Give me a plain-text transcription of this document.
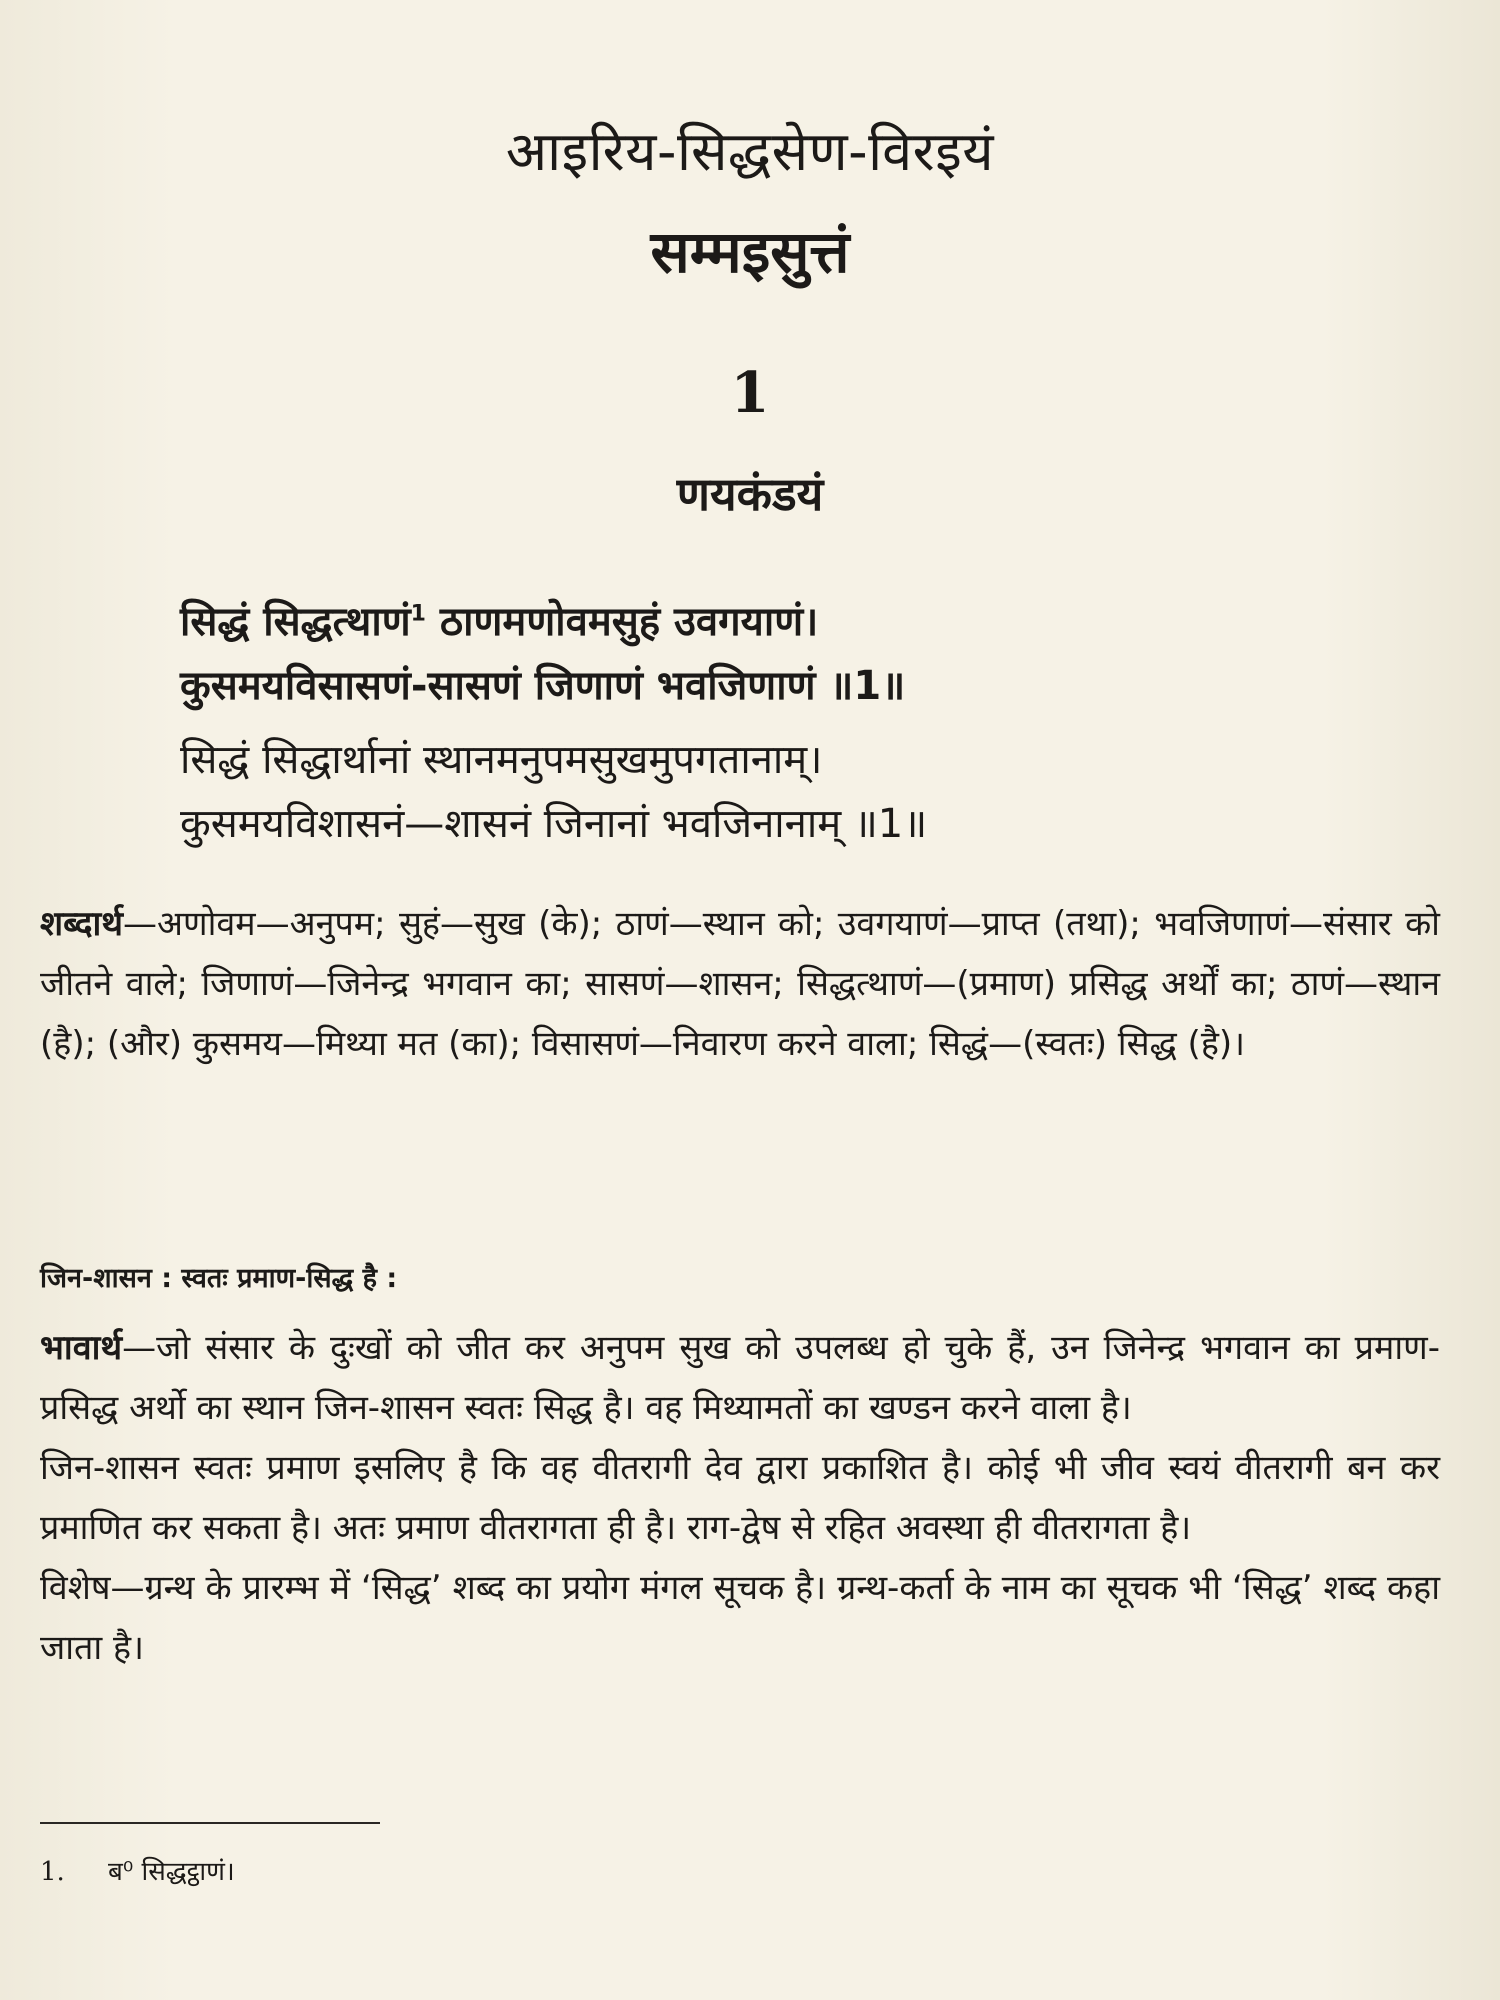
आइरिय-सिद्धसेण-विरइयं
सम्मइसुत्तं
1
णयकंडयं
सिद्धं सिद्धत्थाणं$^1$ ठाणमणोवमसुहं उवगयाणं।
कुसमयविसासणं-सासणं जिणाणं भवजिणाणं ॥1॥
सिद्धं सिद्धार्थानां स्थानमनुपमसुखमुपगतानाम्।
कुसमयविशासनं—शासनं जिनानां भवजिनानाम् ॥1॥
शब्दार्थ—अणोवम—अनुपम; सुहं—सुख (के); ठाणं—स्थान को; उवगयाणं—प्राप्त (तथा); भवजिणाणं—संसार को जीतने वाले; जिणाणं—जिनेन्द्र भगवान का; सासणं—शासन; सिद्धत्थाणं—(प्रमाण) प्रसिद्ध अर्थों का; ठाणं—स्थान (है); (और) कुसमय—मिथ्या मत (का); विसासणं—निवारण करने वाला; सिद्धं—(स्वतः) सिद्ध (है)।
जिन-शासन : स्वतः प्रमाण-सिद्ध है :
भावार्थ—जो संसार के दुःखों को जीत कर अनुपम सुख को उपलब्ध हो चुके हैं, उन जिनेन्द्र भगवान का प्रमाण-प्रसिद्ध अर्थो का स्थान जिन-शासन स्वतः सिद्ध है। वह मिथ्यामतों का खण्डन करने वाला है।
जिन-शासन स्वतः प्रमाण इसलिए है कि वह वीतरागी देव द्वारा प्रकाशित है। कोई भी जीव स्वयं वीतरागी बन कर प्रमाणित कर सकता है। अतः प्रमाण वीतरागता ही है। राग-द्वेष से रहित अवस्था ही वीतरागता है।
विशेष—ग्रन्थ के प्रारम्भ में ‘सिद्ध’ शब्द का प्रयोग मंगल सूचक है। ग्रन्थ-कर्ता के नाम का सूचक भी ‘सिद्ध’ शब्द कहा जाता है।
1. ब⁰ सिद्धट्ठाणं।
